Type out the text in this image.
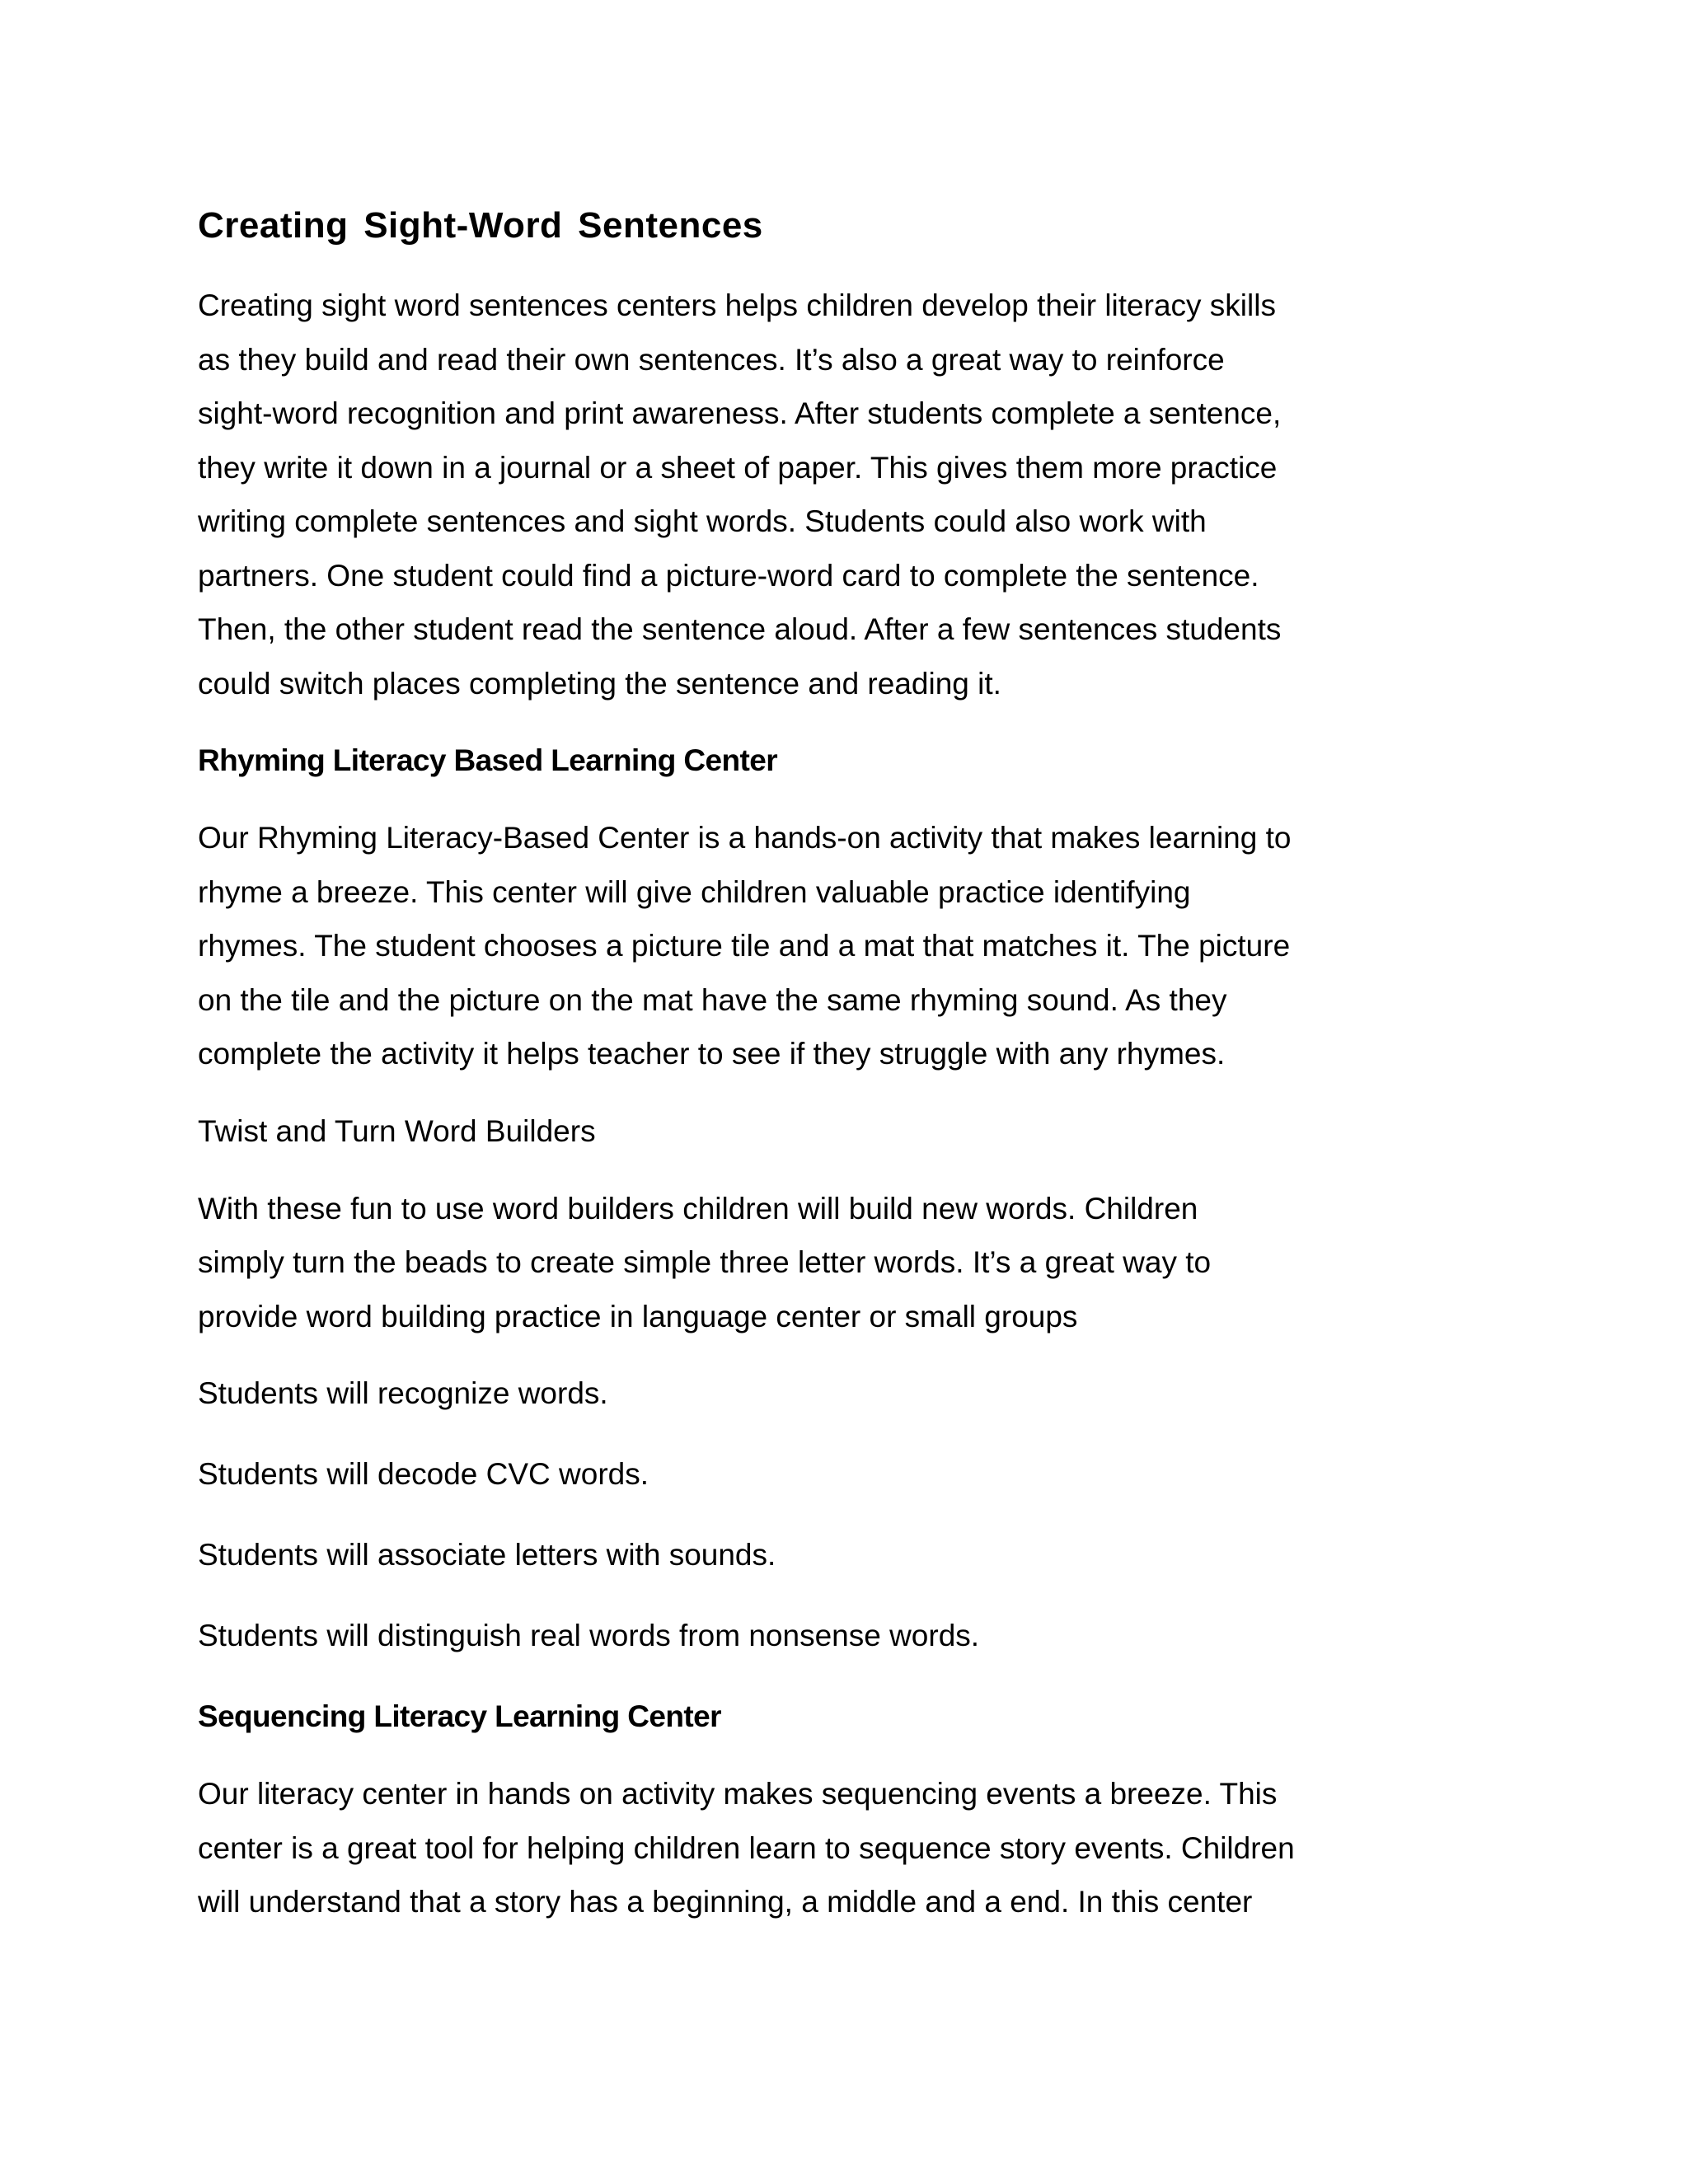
Creating Sight-Word Sentences

Creating sight word sentences centers helps children develop their literacy skills
as they build and read their own sentences. It’s also a great way to reinforce
sight-word recognition and print awareness. After students complete a sentence,
they write it down in a journal or a sheet of paper. This gives them more practice
writing complete sentences and sight words. Students could also work with
partners. One student could find a picture-word card to complete the sentence.
Then, the other student read the sentence aloud. After a few sentences students
could switch places completing the sentence and reading it.

Rhyming Literacy Based Learning Center

Our Rhyming Literacy-Based Center is a hands-on activity that makes learning to
rhyme a breeze. This center will give children valuable practice identifying
rhymes. The student chooses a picture tile and a mat that matches it. The picture
on the tile and the picture on the mat have the same rhyming sound. As they
complete the activity it helps teacher to see if they struggle with any rhymes.

Twist and Turn Word Builders

With these fun to use word builders children will build new words. Children
simply turn the beads to create simple three letter words. It’s a great way to
provide word building practice in language center or small groups

Students will recognize words.

Students will decode CVC words.

Students will associate letters with sounds.

Students will distinguish real words from nonsense words.

Sequencing Literacy Learning Center

Our literacy center in hands on activity makes sequencing events a breeze. This
center is a great tool for helping children learn to sequence story events. Children
will understand that a story has a beginning, a middle and a end. In this center
